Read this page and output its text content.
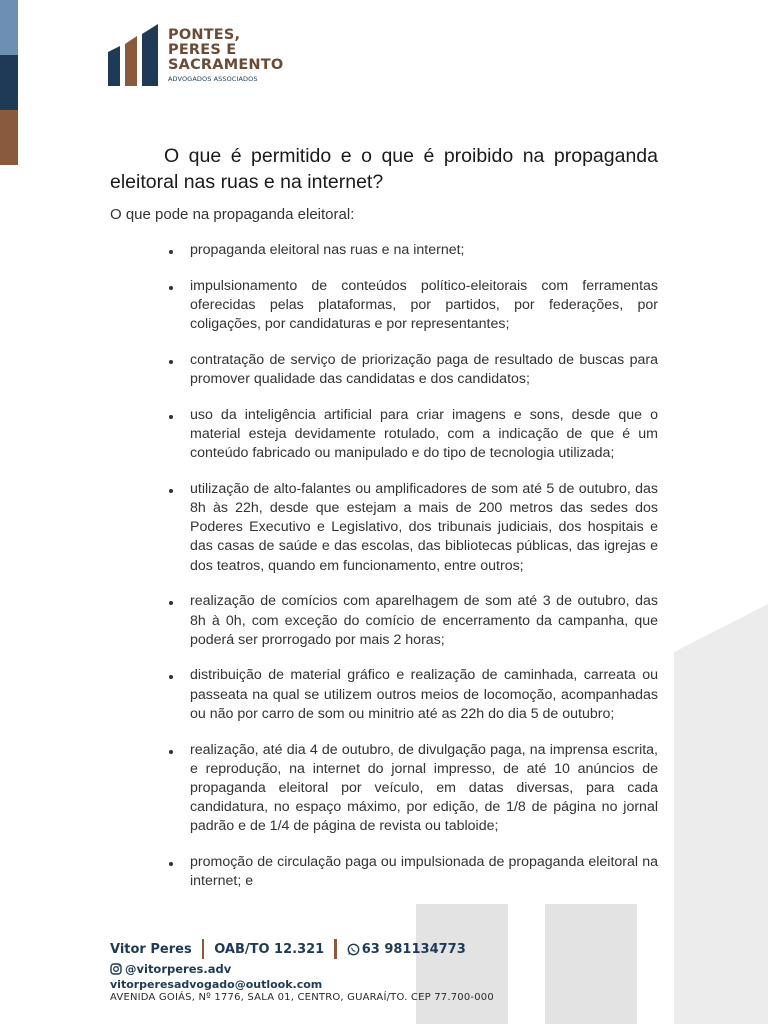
PONTES,
PERES E
SACRAMENTO
ADVOGADOS ASSOCIADOS
O que é permitido e o que é proibido na propaganda eleitoral nas ruas e na internet?
O que pode na propaganda eleitoral:
propaganda eleitoral nas ruas e na internet;
impulsionamento de conteúdos político-eleitorais com ferramentas oferecidas pelas plataformas, por partidos, por federações, por coligações, por candidaturas e por representantes;
contratação de serviço de priorização paga de resultado de buscas para promover qualidade das candidatas e dos candidatos;
uso da inteligência artificial para criar imagens e sons, desde que o material esteja devidamente rotulado, com a indicação de que é um conteúdo fabricado ou manipulado e do tipo de tecnologia utilizada;
utilização de alto-falantes ou amplificadores de som até 5 de outubro, das 8h às 22h, desde que estejam a mais de 200 metros das sedes dos Poderes Executivo e Legislativo, dos tribunais judiciais, dos hospitais e das casas de saúde e das escolas, das bibliotecas públicas, das igrejas e dos teatros, quando em funcionamento, entre outros;
realização de comícios com aparelhagem de som até 3 de outubro, das 8h à 0h, com exceção do comício de encerramento da campanha, que poderá ser prorrogado por mais 2 horas;
distribuição de material gráfico e realização de caminhada, carreata ou passeata na qual se utilizem outros meios de locomoção, acompanhadas ou não por carro de som ou minitrio até as 22h do dia 5 de outubro;
realização, até dia 4 de outubro, de divulgação paga, na imprensa escrita, e reprodução, na internet do jornal impresso, de até 10 anúncios de propaganda eleitoral por veículo, em datas diversas, para cada candidatura, no espaço máximo, por edição, de 1/8 de página no jornal padrão e de 1/4 de página de revista ou tabloide;
promoção de circulação paga ou impulsionada de propaganda eleitoral na internet; e
Vitor Peres OAB/TO 12.321	63 981134773
@vitorperes.adv
vitorperesadvogado@outlook.com
AVENIDA GOIÁS, Nº 1776, SALA 01, CENTRO, GUARAÍ/TO. CEP 77.700-000
